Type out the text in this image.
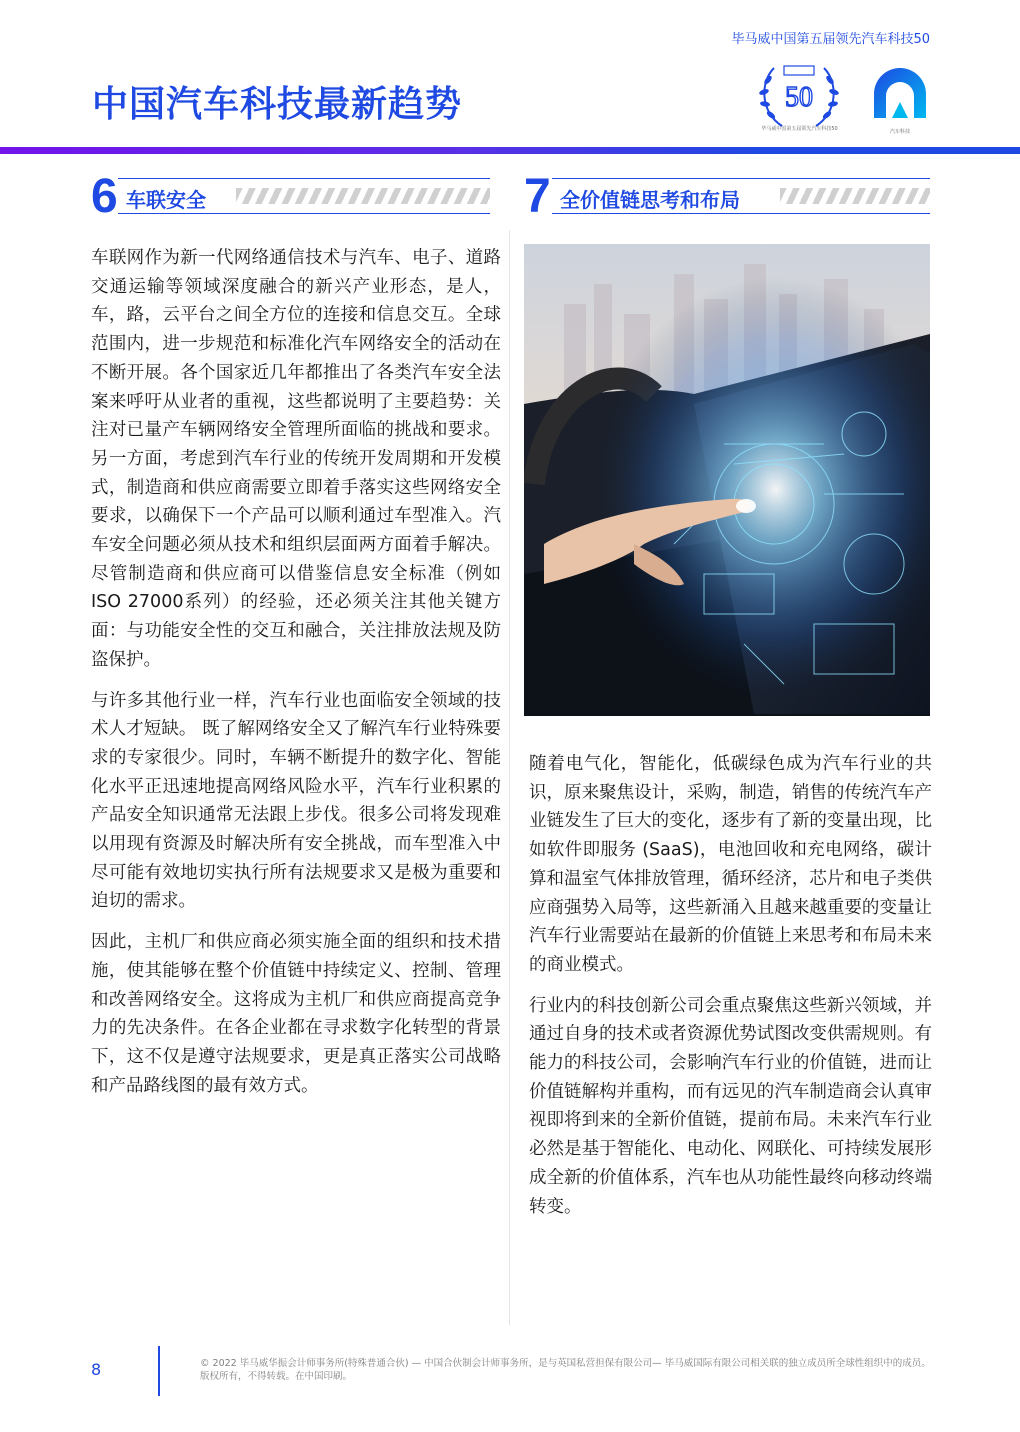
毕马威中国第五届领先汽车科技50
中国汽车科技最新趋势	50
毕马威中国第五届领先汽车科技50	汽车科技
6 车联安全	7 全价值链思考和布局

车联网作为新一代网络通信技术与汽车、电子、道路交通运输等领域深度融合的新兴产业形态，是人，车，路，云平台之间全方位的连接和信息交互。全球范围内，进一步规范和标准化汽车网络安全的活动在不断开展。各个国家近几年都推出了各类汽车安全法案来呼吁从业者的重视，这些都说明了主要趋势：关注对已量产车辆网络安全管理所面临的挑战和要求。另一方面，考虑到汽车行业的传统开发周期和开发模式，制造商和供应商需要立即着手落实这些网络安全要求，以确保下一个产品可以顺利通过车型准入。汽车安全问题必须从技术和组织层面两方面着手解决。尽管制造商和供应商可以借鉴信息安全标准（例如ISO 27000系列）的经验，还必须关注其他关键方面：与功能安全性的交互和融合，关注排放法规及防盗保护。

与许多其他行业一样，汽车行业也面临安全领域的技术人才短缺。 既了解网络安全又了解汽车行业特殊要求的专家很少。同时，车辆不断提升的数字化、智能化水平正迅速地提高网络风险水平，汽车行业积累的产品安全知识通常无法跟上步伐。很多公司将发现难以用现有资源及时解决所有安全挑战，而车型准入中尽可能有效地切实执行所有法规要求又是极为重要和迫切的需求。

因此，主机厂和供应商必须实施全面的组织和技术措施，使其能够在整个价值链中持续定义、控制、管理和改善网络安全。这将成为主机厂和供应商提高竞争力的先决条件。在各企业都在寻求数字化转型的背景下，这不仅是遵守法规要求，更是真正落实公司战略和产品路线图的最有效方式。

随着电气化，智能化，低碳绿色成为汽车行业的共识，原来聚焦设计，采购，制造，销售的传统汽车产业链发生了巨大的变化，逐步有了新的变量出现，比如软件即服务 (SaaS)，电池回收和充电网络，碳计算和温室气体排放管理，循环经济，芯片和电子类供应商强势入局等，这些新涌入且越来越重要的变量让汽车行业需要站在最新的价值链上来思考和布局未来的商业模式。

行业内的科技创新公司会重点聚焦这些新兴领域，并通过自身的技术或者资源优势试图改变供需规则。有能力的科技公司，会影响汽车行业的价值链，进而让价值链解构并重构，而有远见的汽车制造商会认真审视即将到来的全新价值链，提前布局。未来汽车行业必然是基于智能化、电动化、网联化、可持续发展形成全新的价值体系，汽车也从功能性最终向移动终端转变。

8	© 2022 毕马威华振会计师事务所(特殊普通合伙) — 中国合伙制会计师事务所，是与英国私营担保有限公司— 毕马威国际有限公司相关联的独立成员所全球性组织中的成员。版权所有，不得转载。在中国印刷。
